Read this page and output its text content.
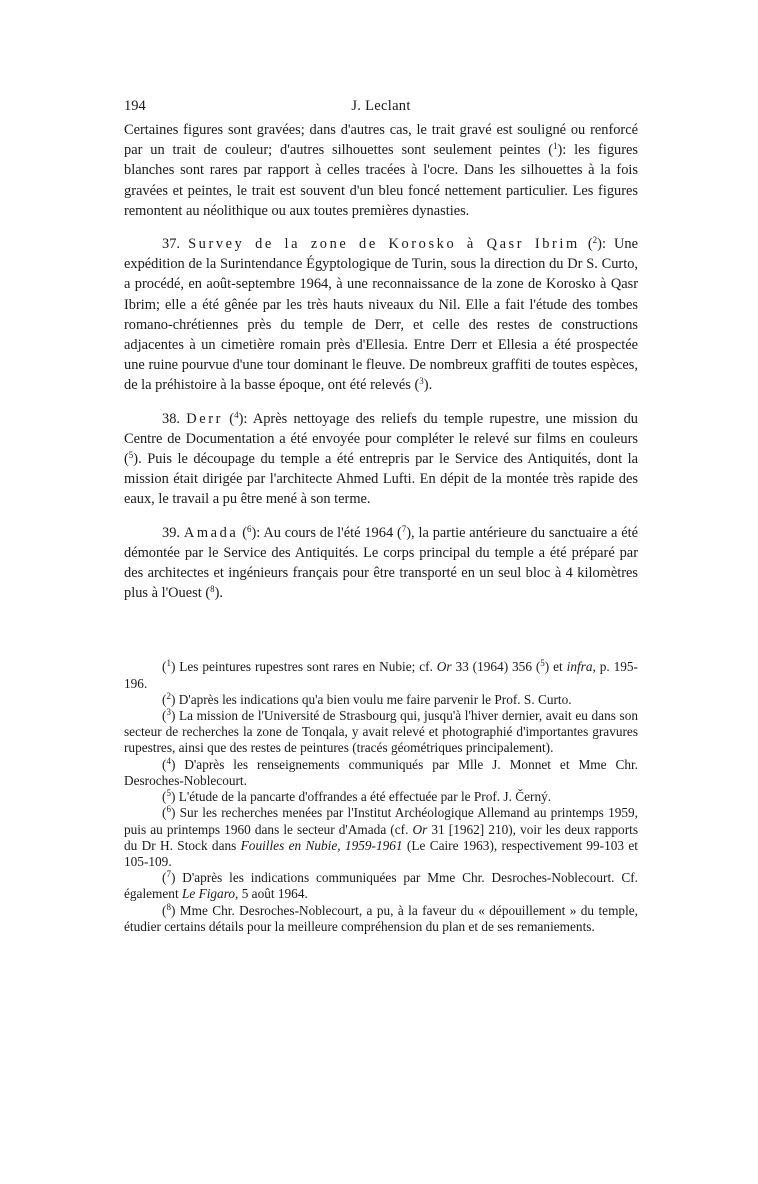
194	J. Leclant

Certaines figures sont gravées; dans d'autres cas, le trait gravé est souligné ou renforcé par un trait de couleur; d'autres silhouettes sont seulement peintes ($^1$): les figures blanches sont rares par rapport à celles tracées à l'ocre. Dans les silhouettes à la fois gravées et peintes, le trait est souvent d'un bleu foncé nettement particulier. Les figures remontent au néolithique ou aux toutes premières dynasties.

37. Survey de la zone de Korosko à Qasr Ibrim ($^2$): Une expédition de la Surintendance Égyptologique de Turin, sous la direction du Dr S. Curto, a procédé, en août-septembre 1964, à une reconnaissance de la zone de Korosko à Qasr Ibrim; elle a été gênée par les très hauts niveaux du Nil. Elle a fait l'étude des tombes romano-chrétiennes près du temple de Derr, et celle des restes de constructions adjacentes à un cimetière romain près d'Ellesia. Entre Derr et Ellesia a été prospectée une ruine pourvue d'une tour dominant le fleuve. De nombreux graffiti de toutes espèces, de la préhistoire à la basse époque, ont été relevés ($^3$).

38. Derr ($^4$): Après nettoyage des reliefs du temple rupestre, une mission du Centre de Documentation a été envoyée pour compléter le relevé sur films en couleurs ($^5$). Puis le découpage du temple a été entrepris par le Service des Antiquités, dont la mission était dirigée par l'architecte Ahmed Lufti. En dépit de la montée très rapide des eaux, le travail a pu être mené à son terme.

39. Amada ($^6$): Au cours de l'été 1964 ($^7$), la partie antérieure du sanctuaire a été démontée par le Service des Antiquités. Le corps principal du temple a été préparé par des architectes et ingénieurs français pour être transporté en un seul bloc à 4 kilomètres plus à l'Ouest ($^8$).

($^1$) Les peintures rupestres sont rares en Nubie; cf. Or 33 (1964) 356 ($^5$) et infra, p. 195-196.

($^2$) D'après les indications qu'a bien voulu me faire parvenir le Prof. S. Curto.

($^3$) La mission de l'Université de Strasbourg qui, jusqu'à l'hiver dernier, avait eu dans son secteur de recherches la zone de Tonqala, y avait relevé et photographié d'importantes gravures rupestres, ainsi que des restes de peintures (tracés géométriques principalement).

($^4$) D'après les renseignements communiqués par Mlle J. Monnet et Mme Chr. Desroches-Noblecourt.

($^5$) L'étude de la pancarte d'offrandes a été effectuée par le Prof. J. Černý.

($^6$) Sur les recherches menées par l'Institut Archéologique Allemand au printemps 1959, puis au printemps 1960 dans le secteur d'Amada (cf. Or 31 [1962] 210), voir les deux rapports du Dr H. Stock dans Fouilles en Nubie, 1959-1961 (Le Caire 1963), respectivement 99-103 et 105-109.

($^7$) D'après les indications communiquées par Mme Chr. Desroches-Noblecourt. Cf. également Le Figaro, 5 août 1964.

($^8$) Mme Chr. Desroches-Noblecourt, a pu, à la faveur du « dépouillement » du temple, étudier certains détails pour la meilleure compréhension du plan et de ses remaniements.
